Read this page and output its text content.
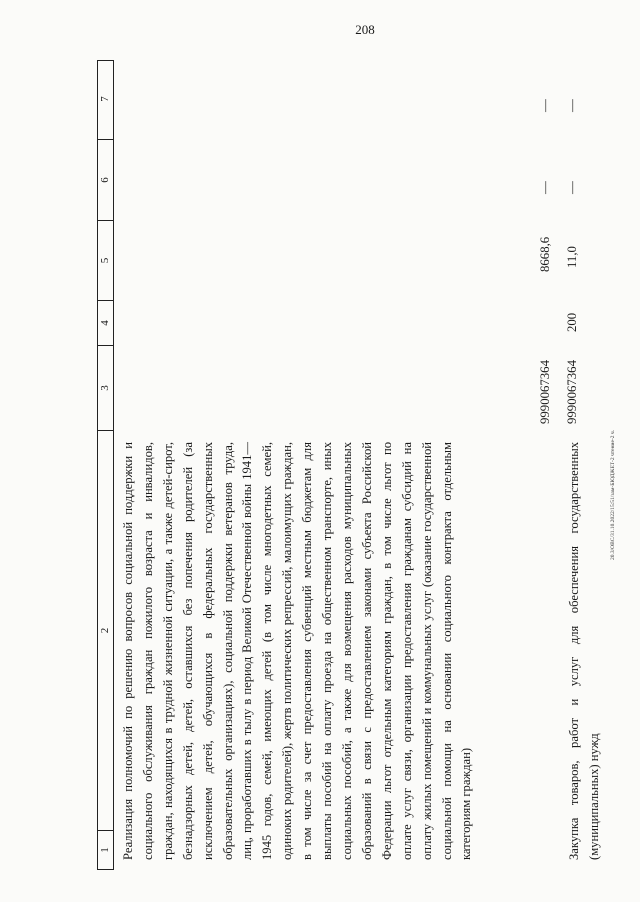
208
20.3/ОВС/31.10.2022/15:51/зам-БЮДЖЕТ-2 чтение-2 ч.
1
2
3
4
5
6
7
Реализация полномочий по решению вопросов социальной поддержки и социального обслуживания граждан пожилого возраста и инвалидов, граждан, находящихся в трудной жизненной ситуации, а также детей-сирот, безнадзорных детей, детей, оставшихся без попечения родителей (за исключением детей, обучающихся в федеральных государственных образовательных организациях), социальной поддержки ветеранов труда, лиц, проработавших в тылу в период Великой Отечественной войны 1941—1945 годов, семей, имеющих детей (в том числе многодетных семей, одиноких родителей), жертв политических репрессий, малоимущих граждан, в том числе за счет предоставления субвенций местным бюджетам для выплаты пособий на оплату проезда на общественном транспорте, иных социальных пособий, а также для возмещения расходов муниципальных образований в связи с предоставлением законами субъекта Российской Федерации льгот отдельным категориям граждан, в том числе льгот по оплате услуг связи, организации предоставления гражданам субсидий на оплату жилых помещений и коммунальных услуг (оказание государственной социальной помощи на основании социального контракта отдельным категориям граждан)
9990067364
8668,6
—
—
Закупка товаров, работ и услуг для обеспечения государственных (муниципальных) нужд
9990067364
200
11,0
—
—
